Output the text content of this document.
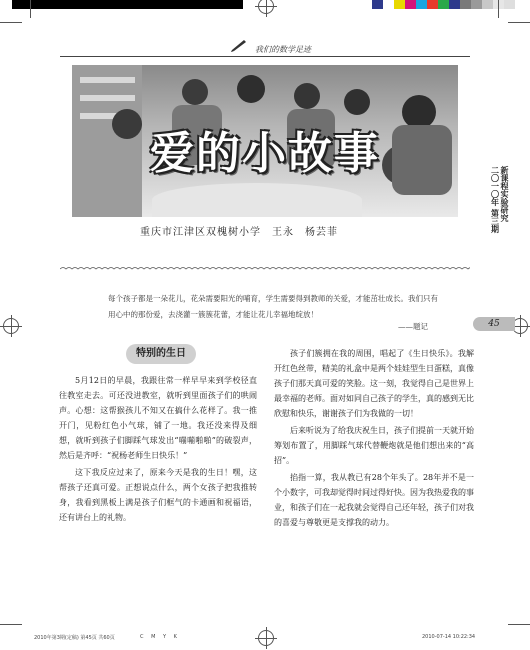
我们的数学足迹
爱的小故事
重庆市江津区双槐树小学　王永　杨芸菲
每个孩子都是一朵花儿，花朵需要阳光的哺育，学生需要得到教师的关爱，才能茁壮成长。我们只有用心中的那份爱，去浇灌一簇簇花蕾，才能让花儿幸福地绽放！
——题记
新课程实验研究
二〇一〇年 第三期
45
特别的生日

5月12日的早晨，我跟往常一样早早来到学校径直往教室走去。可还没进教室，就听到里面孩子们的哄闹声。心想：这帮猴孩儿不知又在搞什么花样了。我一推开门，见粉红色小气球，铺了一地。我还没来得及细想，就听到孩子们脚踩气球发出“嘣嘣啪啪”的破裂声，然后是齐呼：“祝杨老师生日快乐！”

这下我反应过来了，原来今天是我的生日！嘿，这帮孩子还真可爱。正想说点什么，两个女孩子把我推转身，我看到黑板上满是孩子们框气的卡通画和祝福语，还有讲台上的礼物。

孩子们簇拥在我的周围，唱起了《生日快乐》。我解开红色丝带，精美的礼盒中是两个娃娃型生日蛋糕，真像孩子们那天真可爱的笑脸。这一刻，我觉得自己是世界上最幸福的老师。面对如同自己孩子的学生，真的感到无比欣慰和快乐，谢谢孩子们为我做的一切！

后来听说为了给我庆祝生日，孩子们提前一天就开始筹划布置了，用脚踩气球代替鞭炮就是他们想出来的“高招”。

掐指一算，我从教已有28个年头了。28年并不是一个小数字，可我却觉得时间过得好快。因为我热爱我的事业，和孩子们在一起我就会觉得自己还年轻，孩子们对我的喜爱与尊敬更是支撑我的动力。

2010年第3期(定稿) 第45页 共60页	C M Y K	2010-07-14 10:22:34
